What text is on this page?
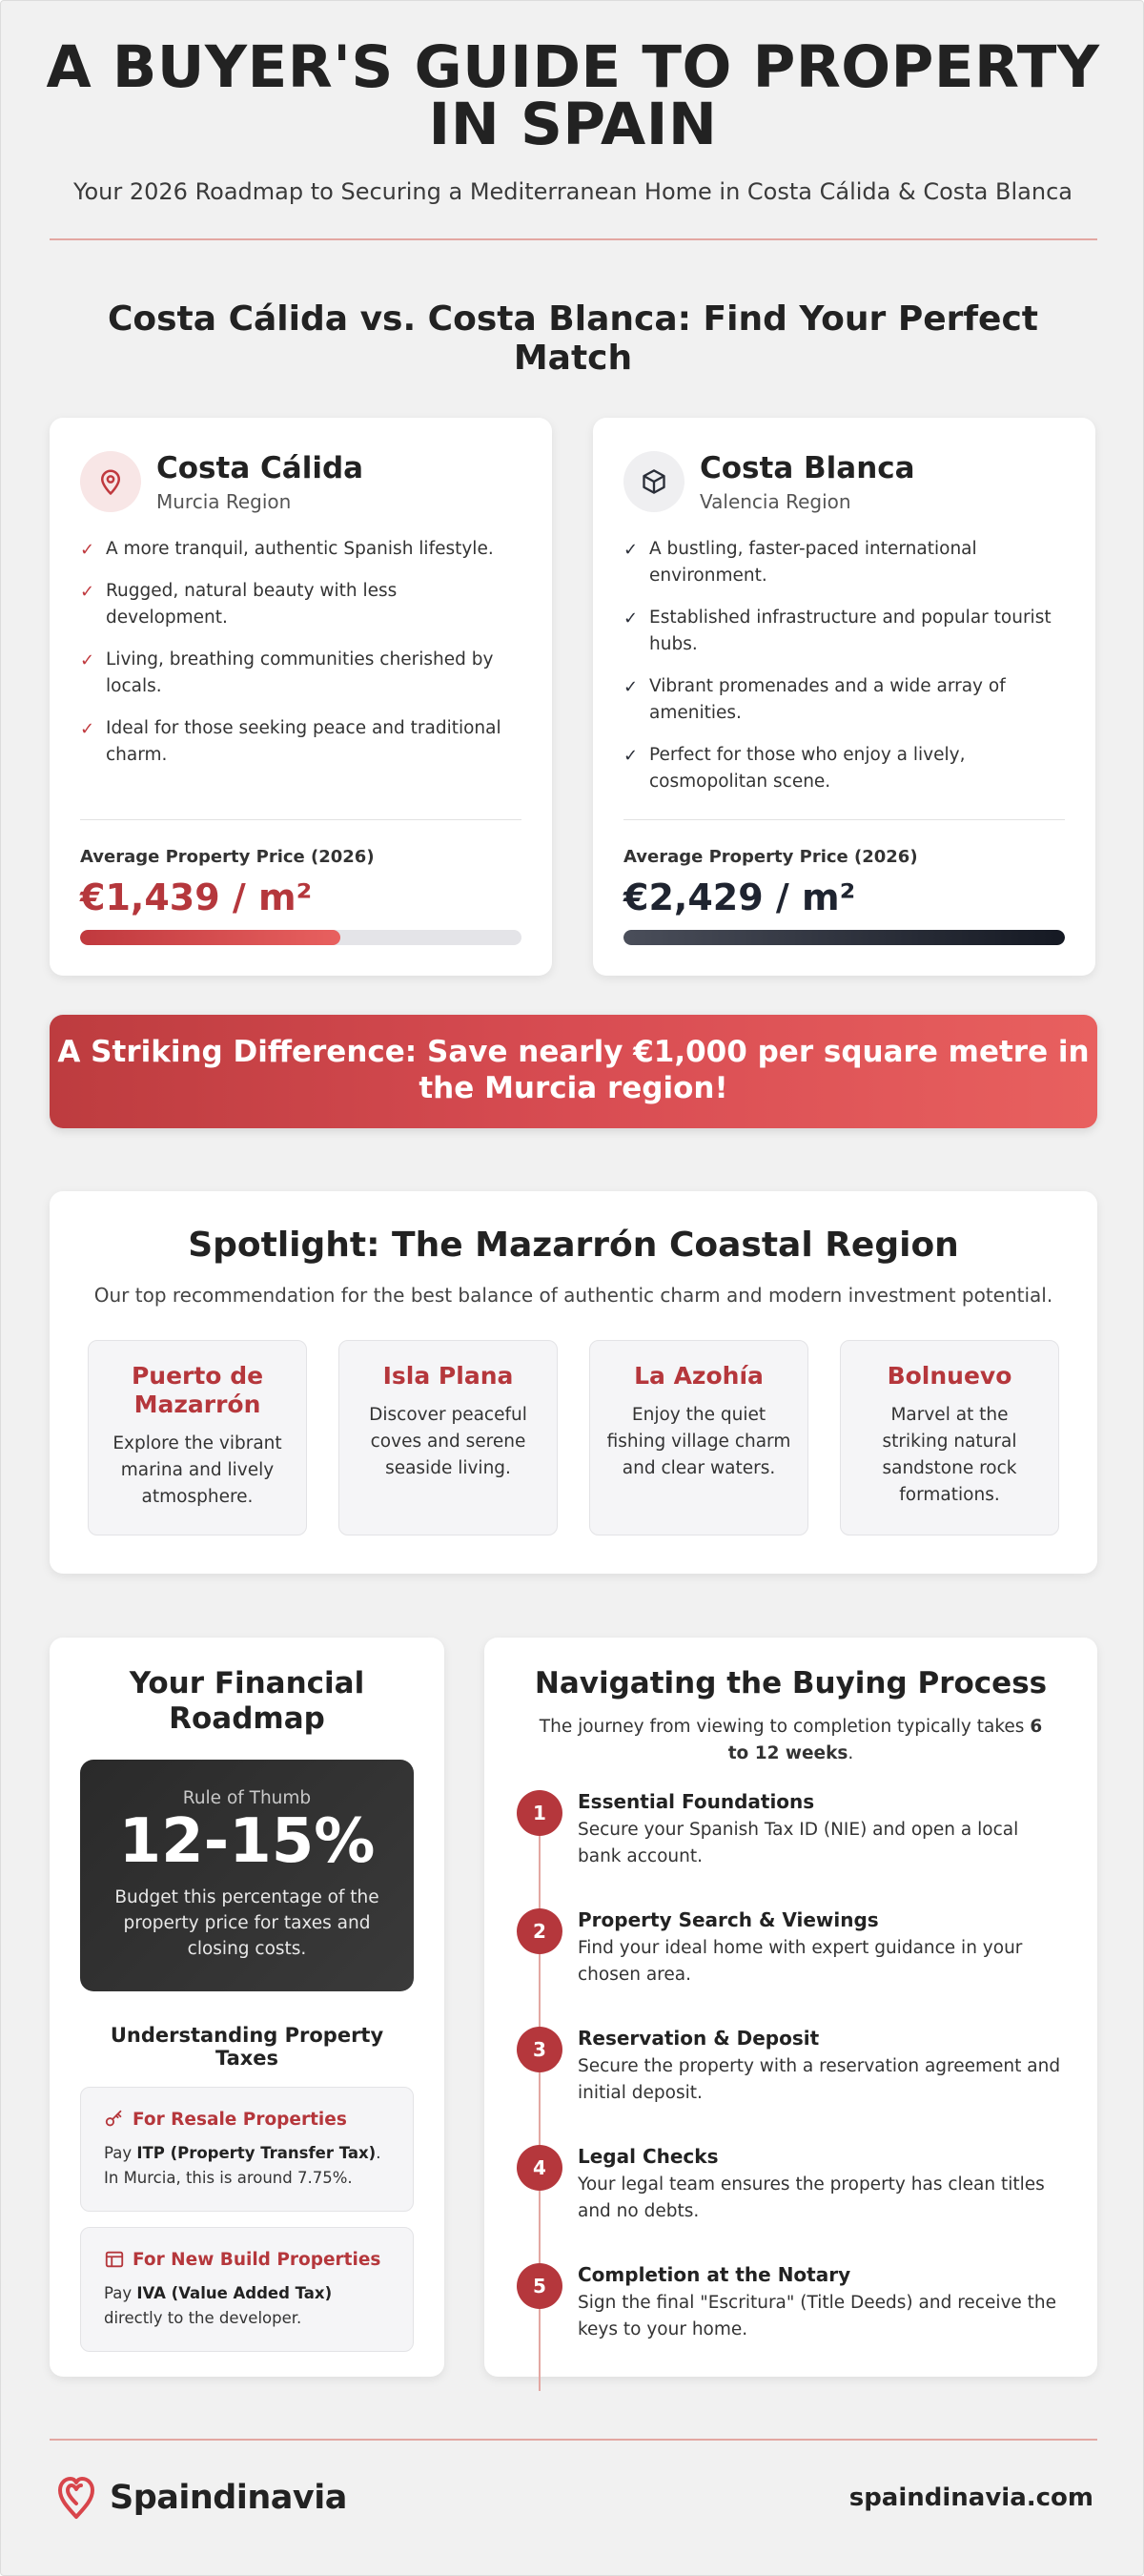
A BUYER'S GUIDE TO PROPERTY IN SPAIN

Your 2026 Roadmap to Securing a Mediterranean Home in Costa Cálida & Costa Blanca

Costa Cálida vs. Costa Blanca: Find Your Perfect Match
Costa Cálida
Murcia Region
✓ A more tranquil, authentic Spanish lifestyle.
✓ Rugged, natural beauty with less development.
✓ Living, breathing communities cherished by locals.
✓ Ideal for those seeking peace and traditional charm.
Average Property Price (2026)
€1,439 / m²
Costa Blanca
Valencia Region
✓ A bustling, faster-paced international environment.
✓ Established infrastructure and popular tourist hubs.
✓ Vibrant promenades and a wide array of amenities.
✓ Perfect for those who enjoy a lively, cosmopolitan scene.
Average Property Price (2026)
€2,429 / m²
A Striking Difference: Save nearly €1,000 per square metre in the Murcia region!
Spotlight: The Mazarrón Coastal Region
Our top recommendation for the best balance of authentic charm and modern investment potential.
Puerto de Mazarrón
Explore the vibrant marina and lively atmosphere.
Isla Plana
Discover peaceful coves and serene seaside living.
La Azohía
Enjoy the quiet fishing village charm and clear waters.
Bolnuevo
Marvel at the striking natural sandstone rock formations.
Your Financial Roadmap
Rule of Thumb
12-15%
Budget this percentage of the property price for taxes and closing costs.
Understanding Property Taxes
For Resale Properties
Pay ITP (Property Transfer Tax). In Murcia, this is around 7.75%.
For New Build Properties
Pay IVA (Value Added Tax) directly to the developer.
Navigating the Buying Process
The journey from viewing to completion typically takes 6 to 12 weeks.
1	Essential Foundations
Secure your Spanish Tax ID (NIE) and open a local bank account.
2	Property Search & Viewings
Find your ideal home with expert guidance in your chosen area.
3	Reservation & Deposit
Secure the property with a reservation agreement and initial deposit.
4	Legal Checks
Your legal team ensures the property has clean titles and no debts.
5	Completion at the Notary
Sign the final "Escritura" (Title Deeds) and receive the keys to your home.
Spaindinavia	spaindinavia.com
